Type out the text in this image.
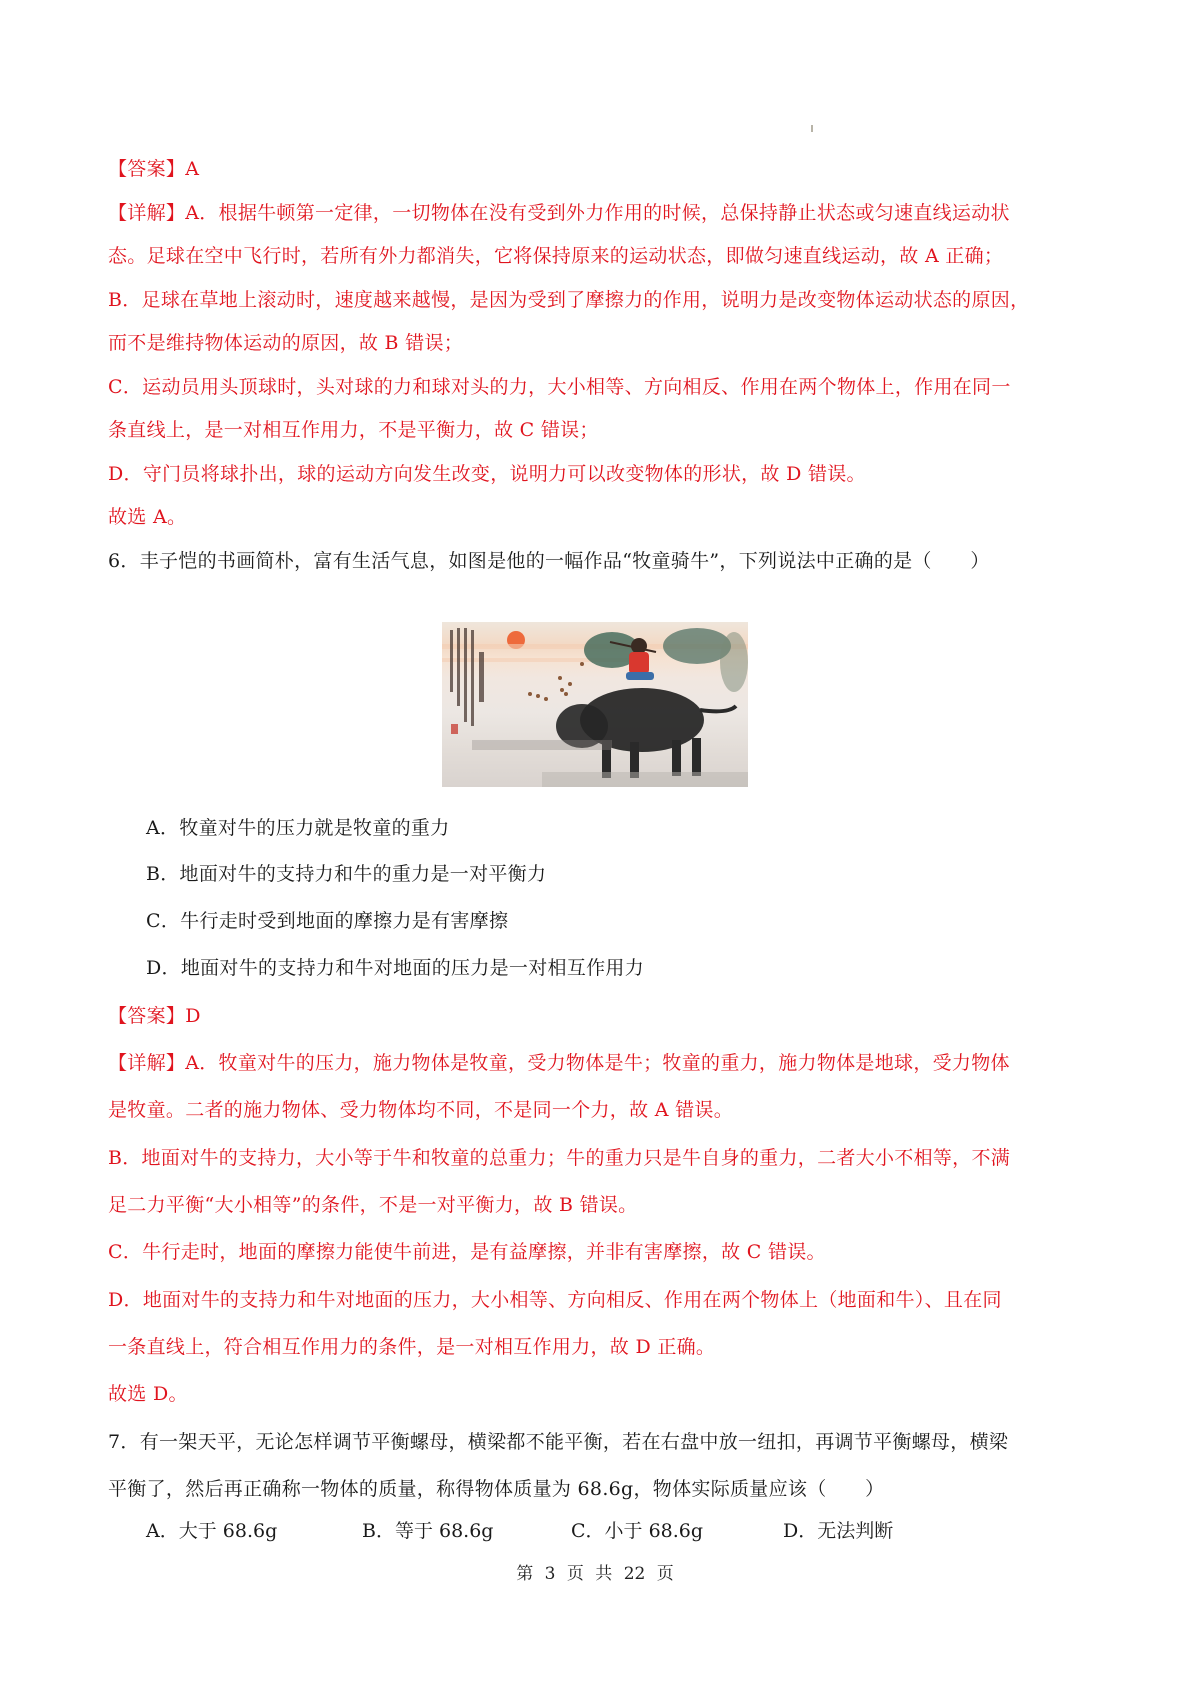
【答案】A
【详解】A．根据牛顿第一定律，一切物体在没有受到外力作用的时候，总保持静止状态或匀速直线运动状
态。足球在空中飞行时，若所有外力都消失，它将保持原来的运动状态，即做匀速直线运动，故 A 正确；
B．足球在草地上滚动时，速度越来越慢，是因为受到了摩擦力的作用，说明力是改变物体运动状态的原因，
而不是维持物体运动的原因，故 B 错误；
C．运动员用头顶球时，头对球的力和球对头的力，大小相等、方向相反、作用在两个物体上，作用在同一
条直线上，是一对相互作用力，不是平衡力，故 C 错误；
D．守门员将球扑出，球的运动方向发生改变，说明力可以改变物体的形状，故 D 错误。
故选 A。
6．丰子恺的书画简朴，富有生活气息，如图是他的一幅作品“牧童骑牛”，下列说法中正确的是（　　）
A．牧童对牛的压力就是牧童的重力
B．地面对牛的支持力和牛的重力是一对平衡力
C．牛行走时受到地面的摩擦力是有害摩擦
D．地面对牛的支持力和牛对地面的压力是一对相互作用力
【答案】D
【详解】A．牧童对牛的压力，施力物体是牧童，受力物体是牛；牧童的重力，施力物体是地球，受力物体
是牧童。二者的施力物体、受力物体均不同，不是同一个力，故 A 错误。
B．地面对牛的支持力，大小等于牛和牧童的总重力；牛的重力只是牛自身的重力，二者大小不相等，不满
足二力平衡“大小相等”的条件，不是一对平衡力，故 B 错误。
C．牛行走时，地面的摩擦力能使牛前进，是有益摩擦，并非有害摩擦，故 C 错误。
D．地面对牛的支持力和牛对地面的压力，大小相等、方向相反、作用在两个物体上（地面和牛）、且在同
一条直线上，符合相互作用力的条件，是一对相互作用力，故 D 正确。
故选 D。
7．有一架天平，无论怎样调节平衡螺母，横梁都不能平衡，若在右盘中放一纽扣，再调节平衡螺母，横梁
平衡了，然后再正确称一物体的质量，称得物体质量为 68.6g，物体实际质量应该（　　）
A．大于 68.6g	B．等于 68.6g	C．小于 68.6g	D．无法判断
第 3 页 共 22 页
